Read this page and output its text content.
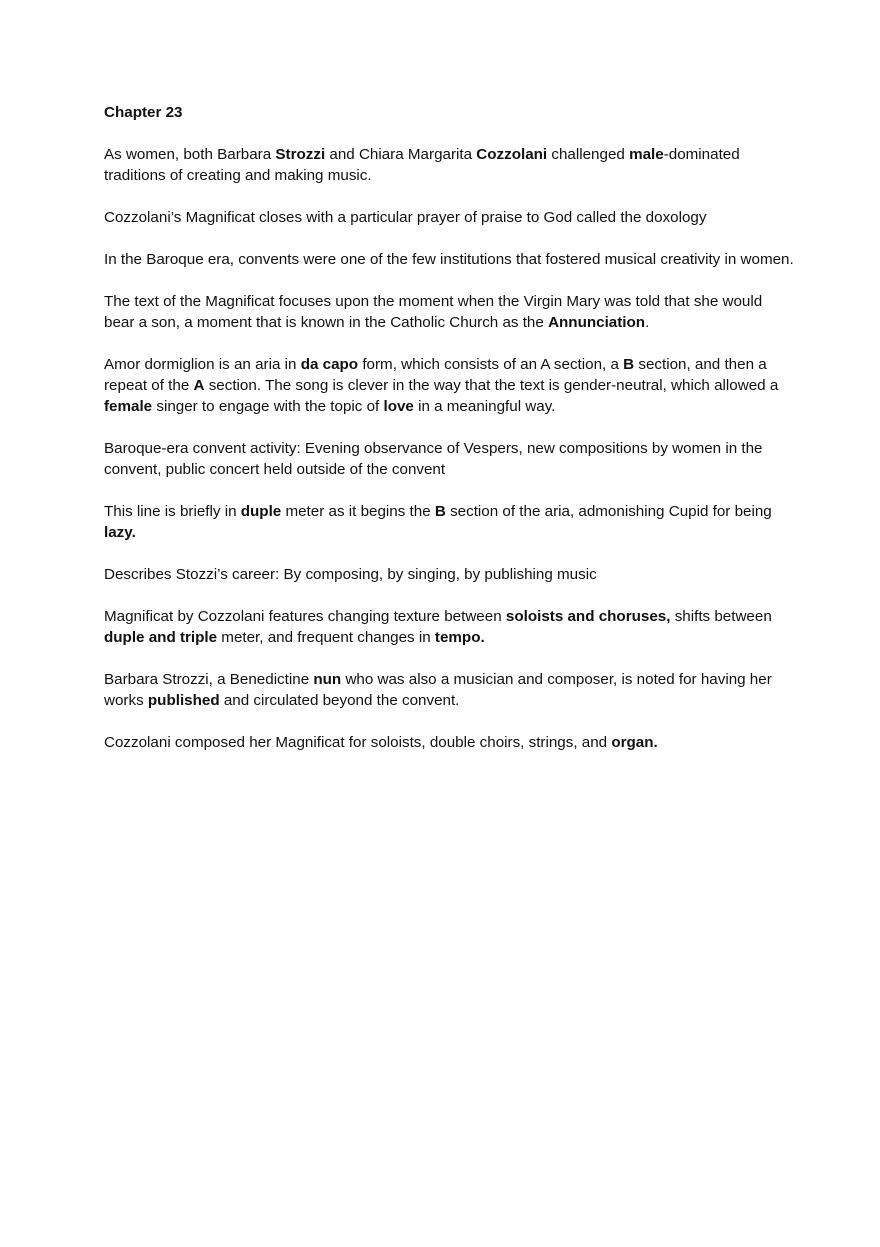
Chapter 23

As women, both Barbara Strozzi and Chiara Margarita Cozzolani challenged male-dominated traditions of creating and making music.

Cozzolani’s Magnificat closes with a particular prayer of praise to God called the doxology

In the Baroque era, convents were one of the few institutions that fostered musical creativity in women.

The text of the Magnificat focuses upon the moment when the Virgin Mary was told that she would bear a son, a moment that is known in the Catholic Church as the Annunciation.

Amor dormiglion is an aria in da capo form, which consists of an A section, a B section, and then a repeat of the A section. The song is clever in the way that the text is gender-neutral, which allowed a female singer to engage with the topic of love in a meaningful way.

Baroque-era convent activity: Evening observance of Vespers, new compositions by women in the convent, public concert held outside of the convent

This line is briefly in duple meter as it begins the B section of the aria, admonishing Cupid for being lazy.

Describes Stozzi’s career: By composing, by singing, by publishing music

Magnificat by Cozzolani features changing texture between soloists and choruses, shifts between duple and triple meter, and frequent changes in tempo.

Barbara Strozzi, a Benedictine nun who was also a musician and composer, is noted for having her works published and circulated beyond the convent.

Cozzolani composed her Magnificat for soloists, double choirs, strings, and organ.
